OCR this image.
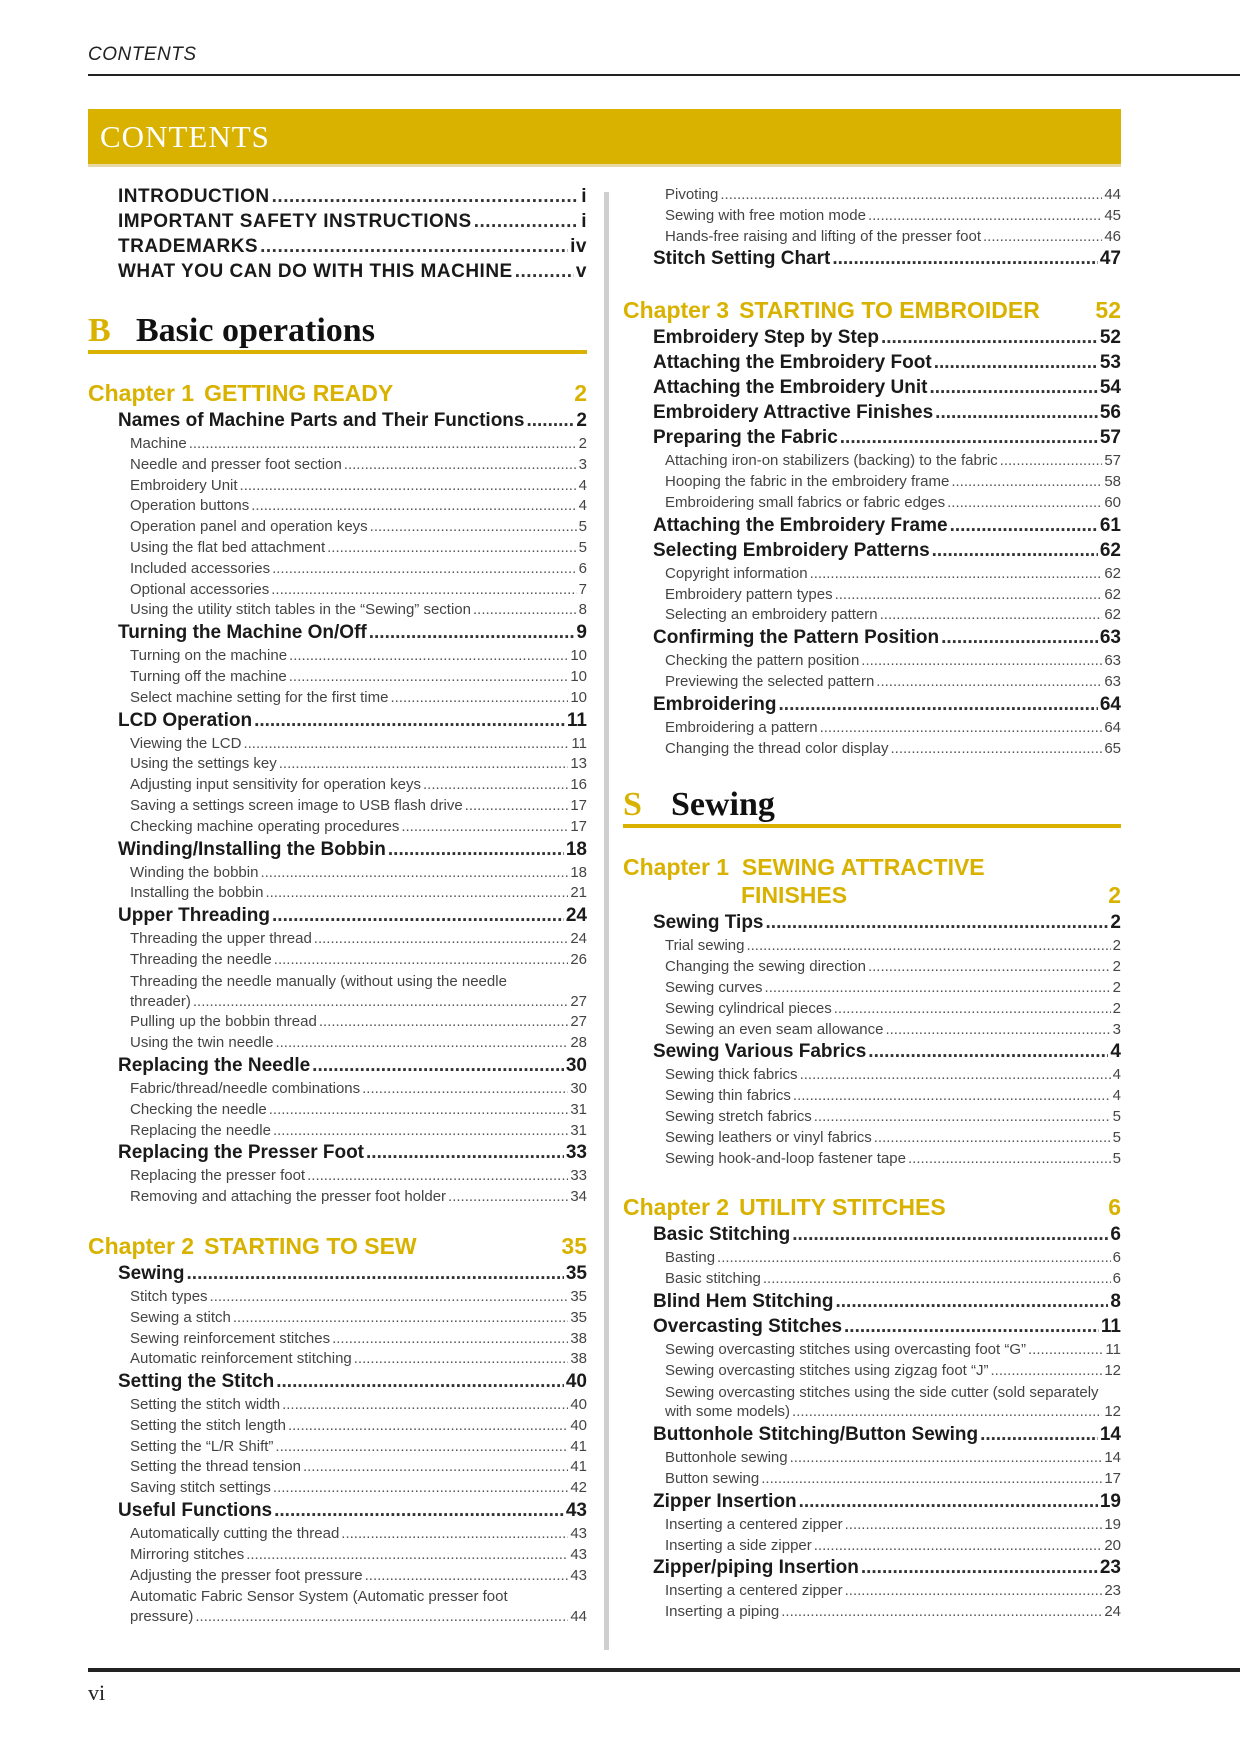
CONTENTS
CONTENTS
INTRODUCTION .....	i
IMPORTANT SAFETY INSTRUCTIONS .....	i
TRADEMARKS .....	iv
WHAT YOU CAN DO WITH THIS MACHINE .....	v
B Basic operations
Chapter 1 GETTING READY	2
Names of Machine Parts and Their Functions .....	2
Machine .....	2
Needle and presser foot section .....	3
Embroidery Unit .....	4
Operation buttons .....	4
Operation panel and operation keys .....	5
Using the flat bed attachment .....	5
Included accessories .....	6
Optional accessories .....	7
Using the utility stitch tables in the “Sewing” section .....	8
Turning the Machine On/Off .....	9
Turning on the machine .....	10
Turning off the machine .....	10
Select machine setting for the first time .....	10
LCD Operation .....	11
Viewing the LCD .....	11
Using the settings key .....	13
Adjusting input sensitivity for operation keys .....	16
Saving a settings screen image to USB flash drive .....	17
Checking machine operating procedures .....	17
Winding/Installing the Bobbin .....	18
Winding the bobbin .....	18
Installing the bobbin .....	21
Upper Threading .....	24
Threading the upper thread .....	24
Threading the needle .....	26
Threading the needle manually (without using the needle
threader) .....	27
Pulling up the bobbin thread .....	27
Using the twin needle .....	28
Replacing the Needle .....	30
Fabric/thread/needle combinations .....	30
Checking the needle .....	31
Replacing the needle .....	31
Replacing the Presser Foot .....	33
Replacing the presser foot .....	33
Removing and attaching the presser foot holder .....	34
Chapter 2 STARTING TO SEW	35
Sewing .....	35
Stitch types .....	35
Sewing a stitch .....	35
Sewing reinforcement stitches .....	38
Automatic reinforcement stitching .....	38
Setting the Stitch .....	40
Setting the stitch width .....	40
Setting the stitch length .....	40
Setting the “L/R Shift” .....	41
Setting the thread tension .....	41
Saving stitch settings .....	42
Useful Functions .....	43
Automatically cutting the thread .....	43
Mirroring stitches .....	43
Adjusting the presser foot pressure .....	43
Automatic Fabric Sensor System (Automatic presser foot
pressure) .....	44
Pivoting .....	44
Sewing with free motion mode .....	45
Hands-free raising and lifting of the presser foot .....	46
Stitch Setting Chart .....	47
Chapter 3 STARTING TO EMBROIDER	52
Embroidery Step by Step .....	52
Attaching the Embroidery Foot .....	53
Attaching the Embroidery Unit .....	54
Embroidery Attractive Finishes .....	56
Preparing the Fabric .....	57
Attaching iron-on stabilizers (backing) to the fabric .....	57
Hooping the fabric in the embroidery frame .....	58
Embroidering small fabrics or fabric edges .....	60
Attaching the Embroidery Frame .....	61
Selecting Embroidery Patterns .....	62
Copyright information .....	62
Embroidery pattern types .....	62
Selecting an embroidery pattern .....	62
Confirming the Pattern Position .....	63
Checking the pattern position .....	63
Previewing the selected pattern .....	63
Embroidering .....	64
Embroidering a pattern .....	64
Changing the thread color display .....	65
S Sewing
Chapter 1 SEWING ATTRACTIVE
FINISHES	2
Sewing Tips .....	2
Trial sewing .....	2
Changing the sewing direction .....	2
Sewing curves .....	2
Sewing cylindrical pieces .....	2
Sewing an even seam allowance .....	3
Sewing Various Fabrics .....	4
Sewing thick fabrics .....	4
Sewing thin fabrics .....	4
Sewing stretch fabrics .....	5
Sewing leathers or vinyl fabrics .....	5
Sewing hook-and-loop fastener tape .....	5
Chapter 2 UTILITY STITCHES	6
Basic Stitching .....	6
Basting .....	6
Basic stitching .....	6
Blind Hem Stitching .....	8
Overcasting Stitches .....	11
Sewing overcasting stitches using overcasting foot “G” .....	11
Sewing overcasting stitches using zigzag foot “J” .....	12
Sewing overcasting stitches using the side cutter (sold separately
with some models) .....	12
Buttonhole Stitching/Button Sewing .....	14
Buttonhole sewing .....	14
Button sewing .....	17
Zipper Insertion .....	19
Inserting a centered zipper .....	19
Inserting a side zipper .....	20
Zipper/piping Insertion .....	23
Inserting a centered zipper .....	23
Inserting a piping .....	24
vi
